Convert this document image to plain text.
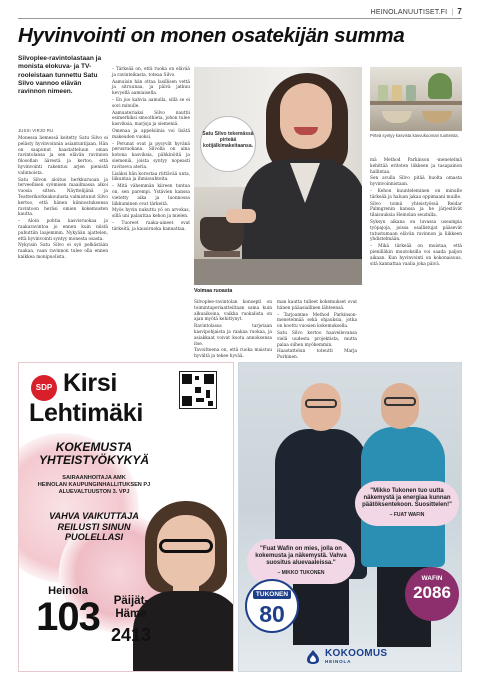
HEINOLANUUTISET.FI | 7
Hyvinvointi on monen osatekijän summa
Silvoplee-ravintolastaan ja monista elokuva- ja TV-rooleistaan tunnettu Satu Silvo vannoo elävän ravinnon nimeen.
JUSSI VIRJO RU

Monessa liemessä keitetty Satu Silvo ei pelästy hyvinvoinnin asiantuntijaan. Hän on saapunut haastatteluun oman ravintolansa ja sen elävän ravinnon filosofian äärestä ja kertoo, että hyvinvointi rakentuu arjen pienistä valinnoista.

Satu Silvon aloitus herkkuruoan ja terveellisen syömisen maailmassa alkoi vuosia sitten. Näyttelijänä ja Teatterikorkeakoulusta valmistunut Silvo kertoo, että hänen kiinnostuksensa ravintoon heräsi omien kokemusten kautta.

– Aloin pohtia kasvisruokaa ja raakaravintoa jo ennen kuin niistä puhuttiin laajemmin. Nykyään ajattelen, että hyvinvointi syntyy monesta osasta.

Nykyisin Satu Silvo ei syö pelkästään raakaa, vaan ravinnon tulee olla ennen kaikkea monipuolista.

– Tärkeää on, että ruoka on elävää ja ravinteikasta, toteaa Silvo.

Aamuisin hän ottaa lasillisen vettä ja sitruunaa, ja päivä jatkuu kevyellä aamiaisella.

– En juo kahvia aamulla, sillä se ei sovi minulle.

Aamuateriaksi Silvo nauttii esimerkiksi smoothieta, johon tulee kasviksia, marjoja ja siemeniä.

Omenaa ja appelsiinia voi lisätä makeuden vuoksi.

– Perunat ovat ja pysyvät hyvänä perusruokana. Silvolla on aina kotona kasviksia, pähkinöitä ja siemeniä, joista syntyy nopeasti ravitseva ateria.

Lisäksi hän korostaa riittävää unta, liikuntaa ja ihmissuhteita.

– Mitä vähemmän kiireen tuntua on, sen parempi. Ystävien kanssa vietetty aika ja luonnossa liikkuminen ovat tärkeitä.

Myös hyvin nukuttu yö on arvokas, sillä uni palauttaa kehon ja mielen.

– Tuoreet raaka-aineet ovat tärkeitä, ja kausiruoka kannattaa.

Satu Silvo tekemässä pirteää kotijälkimakeitaansa.
Voimaa ruoasta

Silvoplee-ravintolan konsepti on toimintaperiaatteiltaan sama kuin alkuaikoina, vaikka ruokalista on ajan myötä kehittynyt.

Ravintolassa tarjotaan kasvipohjaista ja raakaa ruokaa, ja asiakkaat voivat koota annoksensa itse.

Tavoitteena on, että ruoka maistuu hyvältä ja tekee hyvää.

man kautta tulleet kokemukset ovat hänen pääasiallinen lähteensä.

– Tarjoamme Method Parkinson-menetelmää sekä ohjauksia, jotka on koottu vuosien kokemuksella.

Satu Silvo kertoo haaveilevansa vielä uudesta projektista, mutta palaa siihen myöhemmin.

Haastattelun toteutti Marja Purkinen.

Pirteä syntyy kasvista kasvukuoman tuotteista.

mä Method Parkinson -menetelmä kehittää eritoten liikkeen ja tasapainon hallintaa.

Sen avulla Silvo pitää huolta omasta hyvinvoinnistaan.

– Kehon kuunteleminen on minulle tärkeää ja haluan jakaa oppimaani muille.

Silvo toimii yhteistyössä Reidar Palmgrenin kanssa ja he järjestävät tilaisuuksia Heinolan seudulla.

Syksyn aikana on luvassa useampia työpajoja, joissa osallistujat pääsevät tutustumaan elävän ravinnon ja liikkeen yhdistelmään.

– Mikä tärkeää on muistaa, että pienilläkin muutoksilla voi saada paljon aikaan. Kun hyvinvointi on kokonaisuus, sitä kannattaa vaalia joka päivä.

SDP Kirsi
Lehtimäki
KOKEMUSTA YHTEISTYÖKYKYÄ
SAIRAANHOITAJA AMK
HEINOLAN KAUPUNGINHALLITUKSEN PJ
ALUEVALTUUSTON 3. VPJ
VAHVA VAIKUTTAJA REILUSTI SINUN PUOLELLASI
Heinola
103	Päijät-Häme
2413
"Mikko Tukonen tuo uutta näkemystä ja energiaa kunnan päätöksentekoon. Suosittelen!"
– FUAT WAFIN
"Fuat Wafin on mies, jolla on kokemusta ja näkemystä. Vahva suositus aluevaaleissa."
– MIKKO TUKONEN
TUKONEN
80
WAFIN
2086
KOKOOMUS
HEINOLA
